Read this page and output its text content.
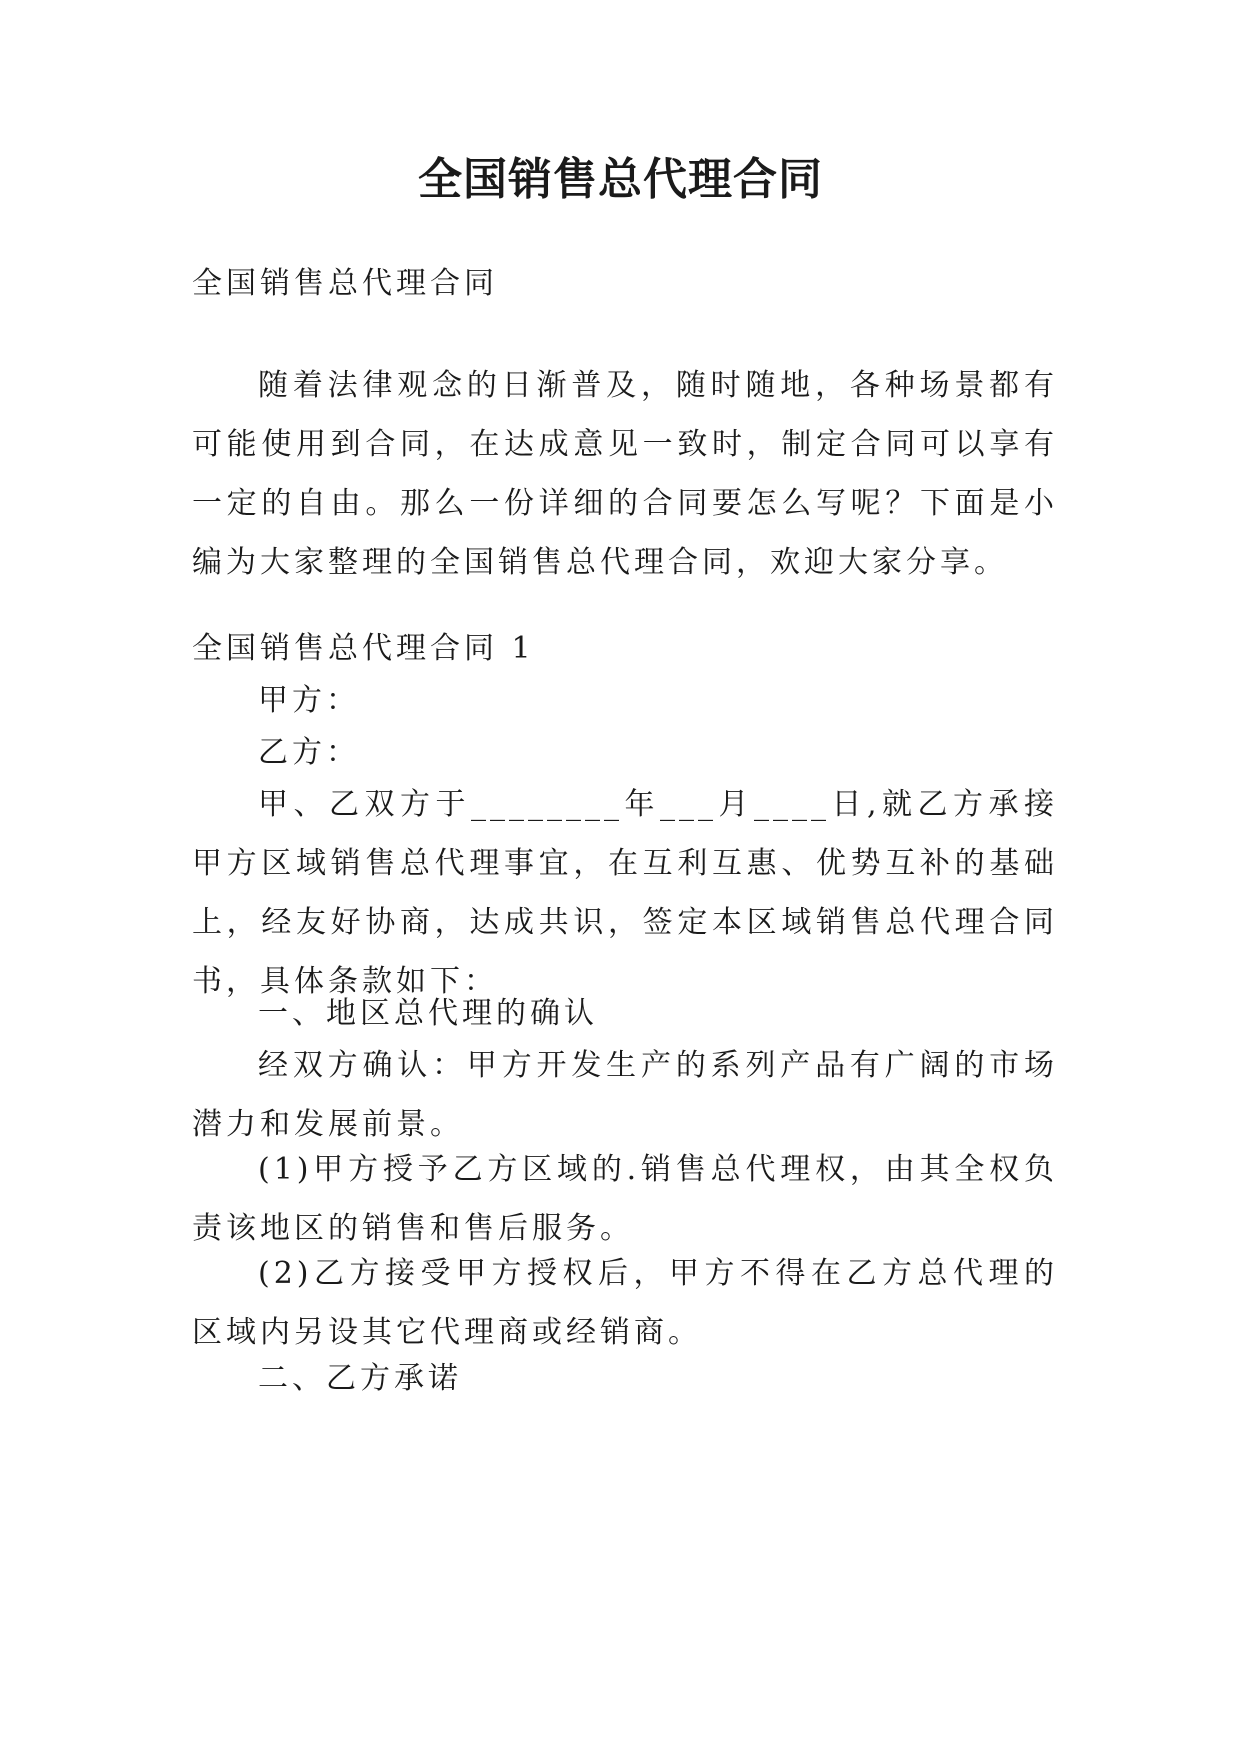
全国销售总代理合同

全国销售总代理合同

随着法律观念的日渐普及，随时随地，各种场景都有可能使用到合同，在达成意见一致时，制定合同可以享有一定的自由。那么一份详细的合同要怎么写呢？下面是小编为大家整理的全国销售总代理合同，欢迎大家分享。

全国销售总代理合同 1

甲方：

乙方：

甲、乙双方于________年___月____日,就乙方承接甲方区域销售总代理事宜，在互利互惠、优势互补的基础上，经友好协商，达成共识，签定本区域销售总代理合同书，具体条款如下：

一、地区总代理的确认

经双方确认：甲方开发生产的系列产品有广阔的市场潜力和发展前景。

(1)甲方授予乙方区域的.销售总代理权，由其全权负责该地区的销售和售后服务。

(2)乙方接受甲方授权后，甲方不得在乙方总代理的区域内另设其它代理商或经销商。

二、乙方承诺
